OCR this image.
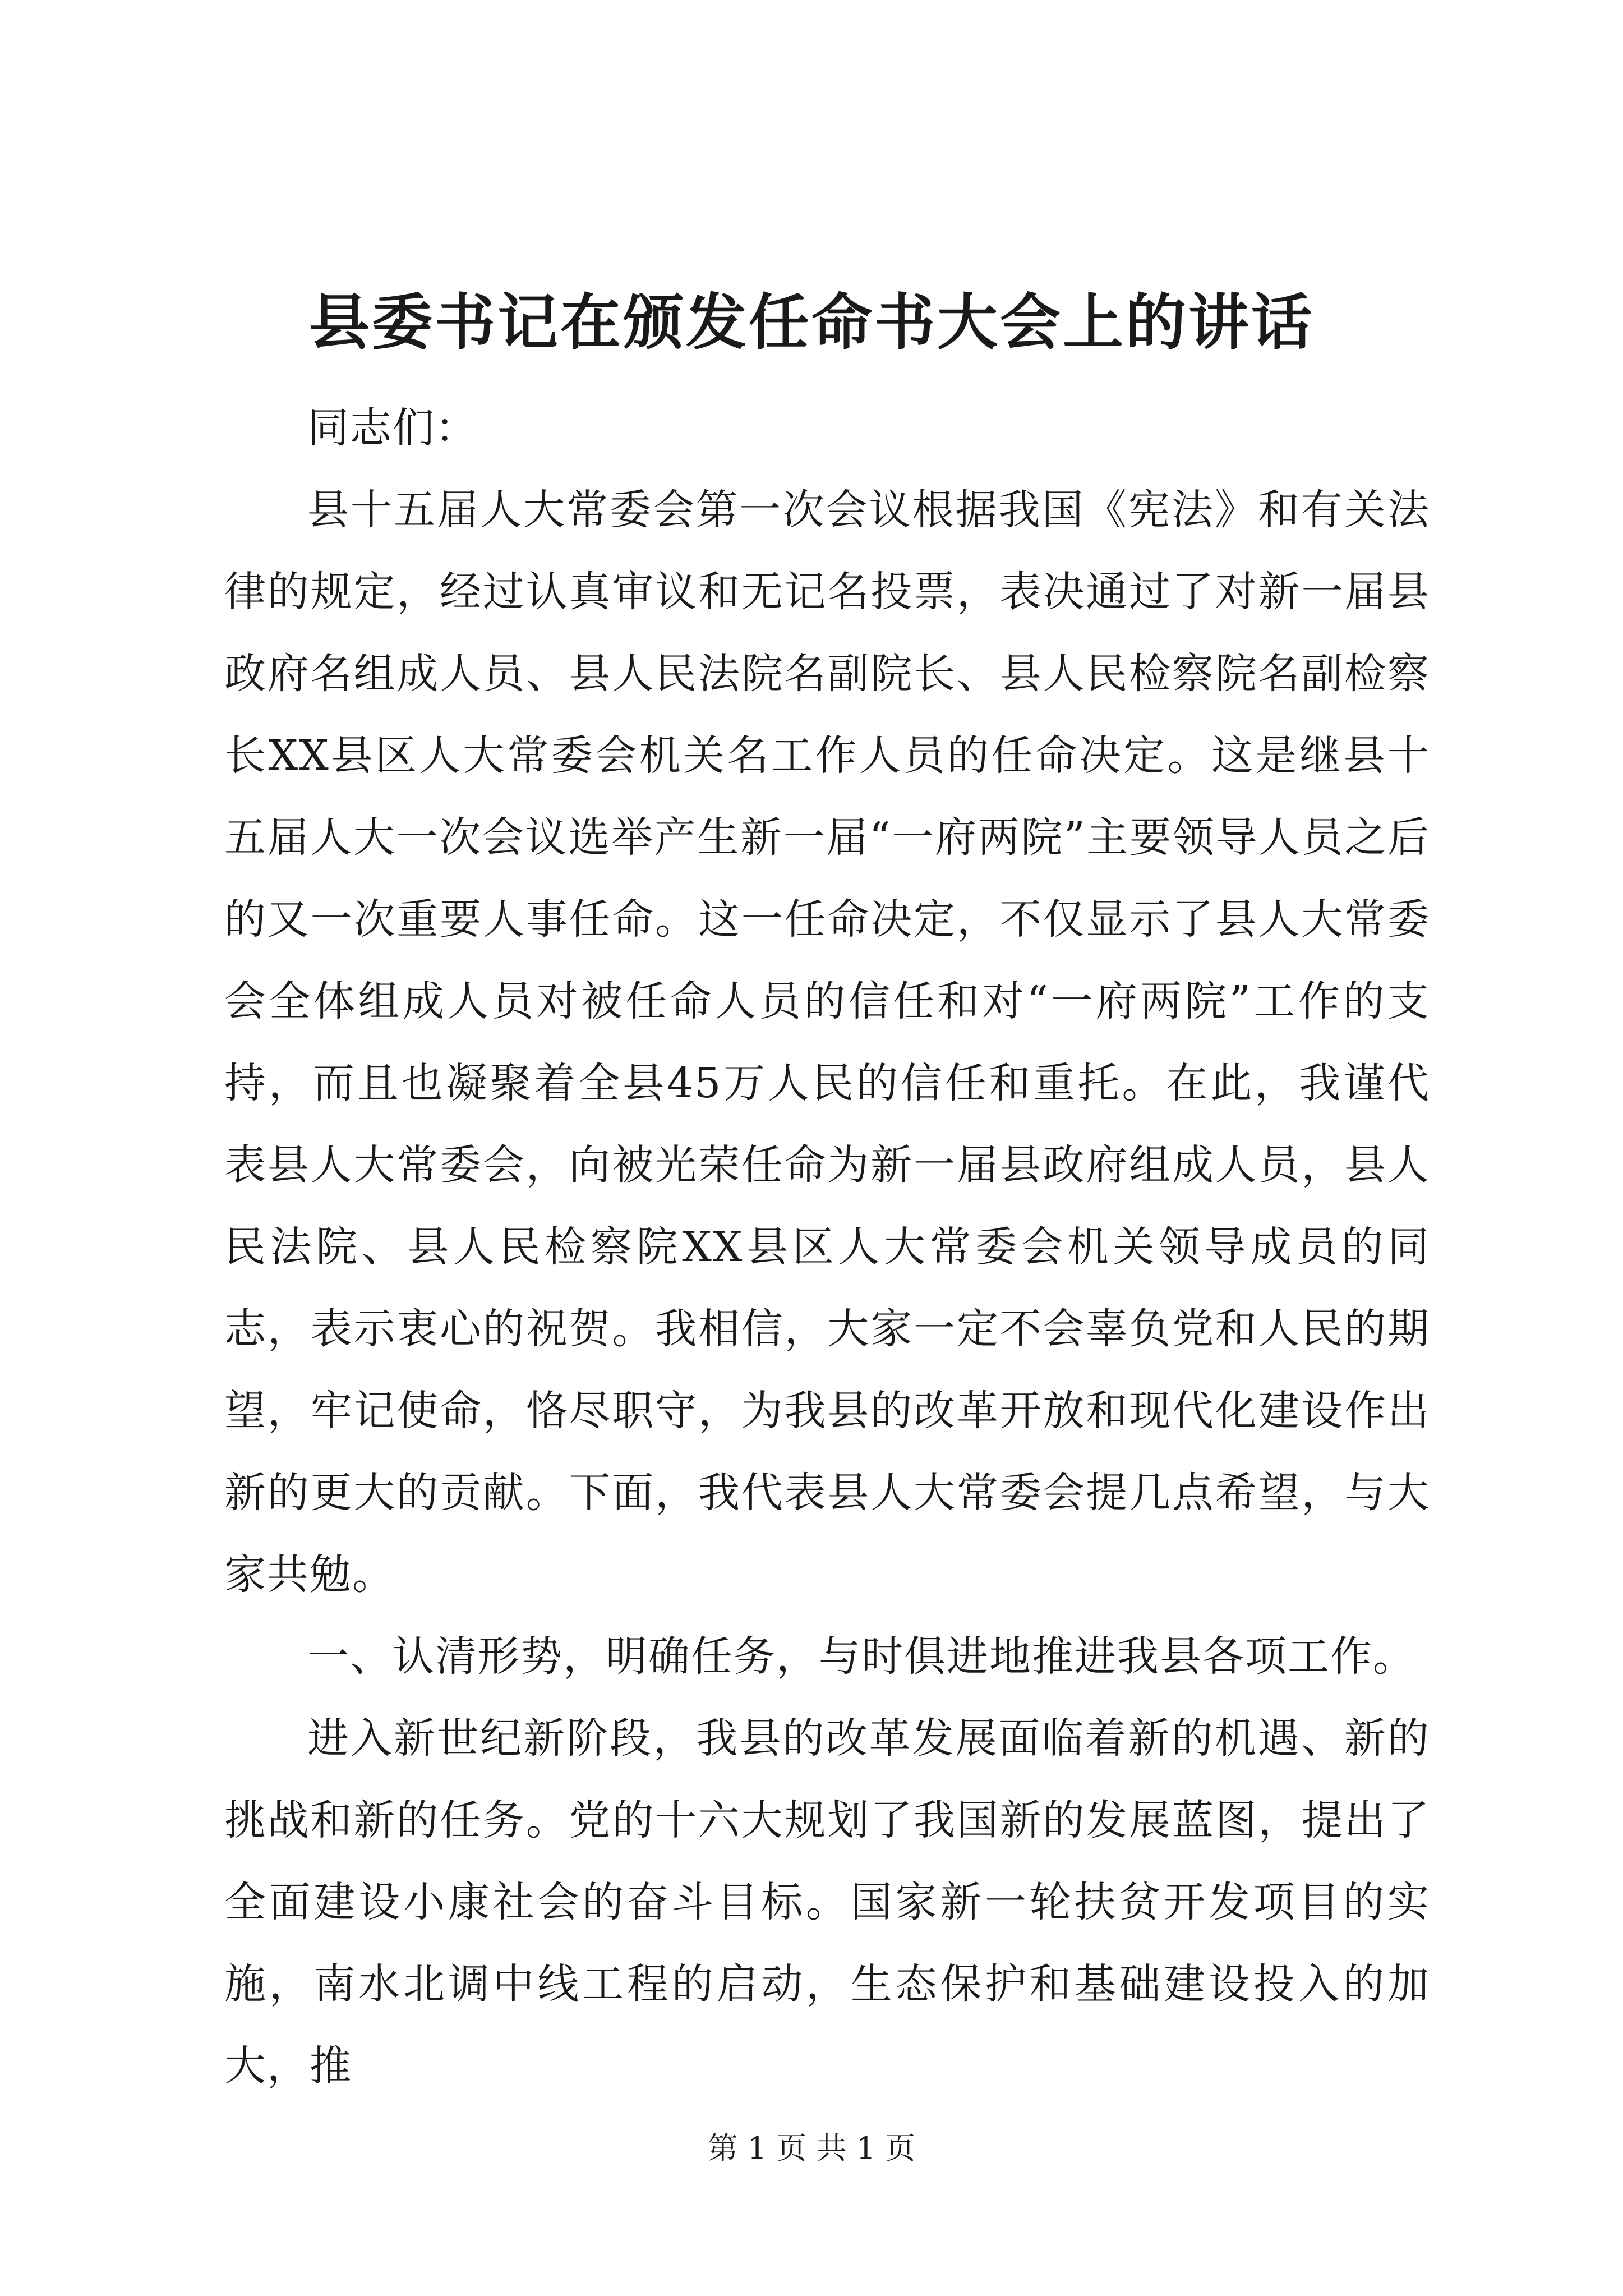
县委书记在颁发任命书大会上的讲话

同志们：

县十五届人大常委会第一次会议根据我国《宪法》和有关法律的规定，经过认真审议和无记名投票，表决通过了对新一届县政府名组成人员、县人民法院名副院长、县人民检察院名副检察长XX县区人大常委会机关名工作人员的任命决定。这是继县十五届人大一次会议选举产生新一届“一府两院”主要领导人员之后的又一次重要人事任命。这一任命决定，不仅显示了县人大常委会全体组成人员对被任命人员的信任和对“一府两院”工作的支持，而且也凝聚着全县45万人民的信任和重托。在此，我谨代表县人大常委会，向被光荣任命为新一届县政府组成人员，县人民法院、县人民检察院XX县区人大常委会机关领导成员的同志，表示衷心的祝贺。我相信，大家一定不会辜负党和人民的期望，牢记使命，恪尽职守，为我县的改革开放和现代化建设作出新的更大的贡献。下面，我代表县人大常委会提几点希望，与大家共勉。

一、认清形势，明确任务，与时俱进地推进我县各项工作。

进入新世纪新阶段，我县的改革发展面临着新的机遇、新的挑战和新的任务。党的十六大规划了我国新的发展蓝图，提出了全面建设小康社会的奋斗目标。国家新一轮扶贫开发项目的实施，南水北调中线工程的启动，生态保护和基础建设投入的加大，推

第 1 页 共 1 页
